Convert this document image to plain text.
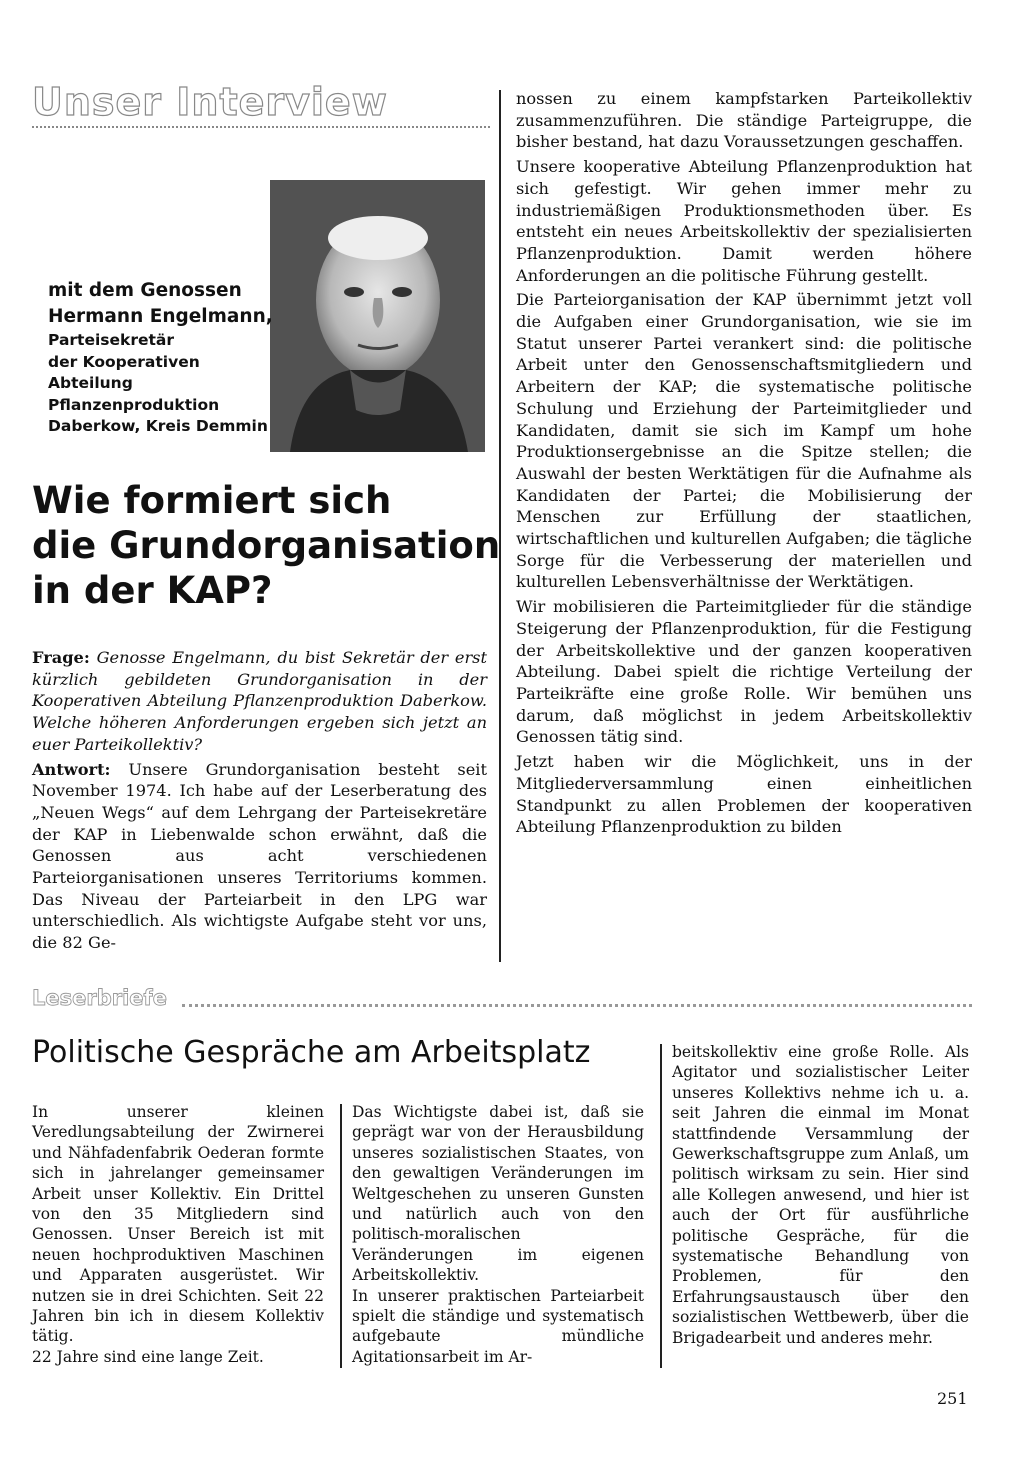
Unser Interview
mit dem Genossen
Hermann Engelmann,
Parteisekretär
der Kooperativen
Abteilung
Pflanzenproduktion
Daberkow, Kreis Demmin
Wie formiert sich
die Grundorganisation
in der KAP?

Frage: Genosse Engelmann, du bist Sekretär der erst kürzlich gebildeten Grundorganisation in der Kooperativen Abteilung Pflanzenproduktion Daberkow. Welche höheren Anforderungen ergeben sich jetzt an euer Parteikollektiv?

Antwort: Unsere Grundorganisation besteht seit November 1974. Ich habe auf der Leserberatung des „Neuen Wegs“ auf dem Lehrgang der Parteisekretäre der KAP in Liebenwalde schon erwähnt, daß die Genossen aus acht verschiedenen Parteiorganisationen unseres Territoriums kommen. Das Niveau der Parteiarbeit in den LPG war unterschiedlich. Als wichtigste Aufgabe steht vor uns, die 82 Ge-

nossen zu einem kampfstarken Parteikollektiv zusammenzuführen. Die ständige Parteigruppe, die bisher bestand, hat dazu Voraussetzungen geschaffen.

Unsere kooperative Abteilung Pflanzenproduktion hat sich gefestigt. Wir gehen immer mehr zu industriemäßigen Produktionsmethoden über. Es entsteht ein neues Arbeitskollektiv der spezialisierten Pflanzenproduktion. Damit werden höhere Anforderungen an die politische Führung gestellt.

Die Parteiorganisation der KAP übernimmt jetzt voll die Aufgaben einer Grundorganisation, wie sie im Statut unserer Partei verankert sind: die politische Arbeit unter den Genossenschaftsmitgliedern und Arbeitern der KAP; die systematische politische Schulung und Erziehung der Parteimitglieder und Kandidaten, damit sie sich im Kampf um hohe Produktionsergebnisse an die Spitze stellen; die Auswahl der besten Werktätigen für die Aufnahme als Kandidaten der Partei; die Mobilisierung der Menschen zur Erfüllung der staatlichen, wirtschaftlichen und kulturellen Aufgaben; die tägliche Sorge für die Verbesserung der materiellen und kulturellen Lebensverhältnisse der Werktätigen.

Wir mobilisieren die Parteimitglieder für die ständige Steigerung der Pflanzenproduktion, für die Festigung der Arbeitskollektive und der ganzen kooperativen Abteilung. Dabei spielt die richtige Verteilung der Parteikräfte eine große Rolle. Wir bemühen uns darum, daß möglichst in jedem Arbeitskollektiv Genossen tätig sind.

Jetzt haben wir die Möglichkeit, uns in der Mitgliederversammlung einen einheitlichen Standpunkt zu allen Problemen der kooperativen Abteilung Pflanzenproduktion zu bilden

Leserbriefe
Politische Gespräche am Arbeitsplatz

In unserer kleinen Veredlungsabteilung der Zwirnerei und Nähfadenfabrik Oederan formte sich in jahrelanger gemeinsamer Arbeit unser Kollektiv. Ein Drittel von den 35 Mitgliedern sind Genossen. Unser Bereich ist mit neuen hochproduktiven Maschinen und Apparaten ausgerüstet. Wir nutzen sie in drei Schichten. Seit 22 Jahren bin ich in diesem Kollektiv tätig.

22 Jahre sind eine lange Zeit.

Das Wichtigste dabei ist, daß sie geprägt war von der Herausbildung unseres sozialistischen Staates, von den gewaltigen Veränderungen im Weltgeschehen zu unseren Gunsten und natürlich auch von den politisch-moralischen Veränderungen im eigenen Arbeitskollektiv.

In unserer praktischen Parteiarbeit spielt die ständige und systematisch aufgebaute mündliche Agitationsarbeit im Ar-

beitskollektiv eine große Rolle. Als Agitator und sozialistischer Leiter unseres Kollektivs nehme ich u. a. seit Jahren die einmal im Monat stattfindende Versammlung der Gewerkschaftsgruppe zum Anlaß, um politisch wirksam zu sein. Hier sind alle Kollegen anwesend, und hier ist auch der Ort für ausführliche politische Gespräche, für die systematische Behandlung von Problemen, für den Erfahrungsaustausch über den sozialistischen Wettbewerb, über die Brigadearbeit und anderes mehr.

251
